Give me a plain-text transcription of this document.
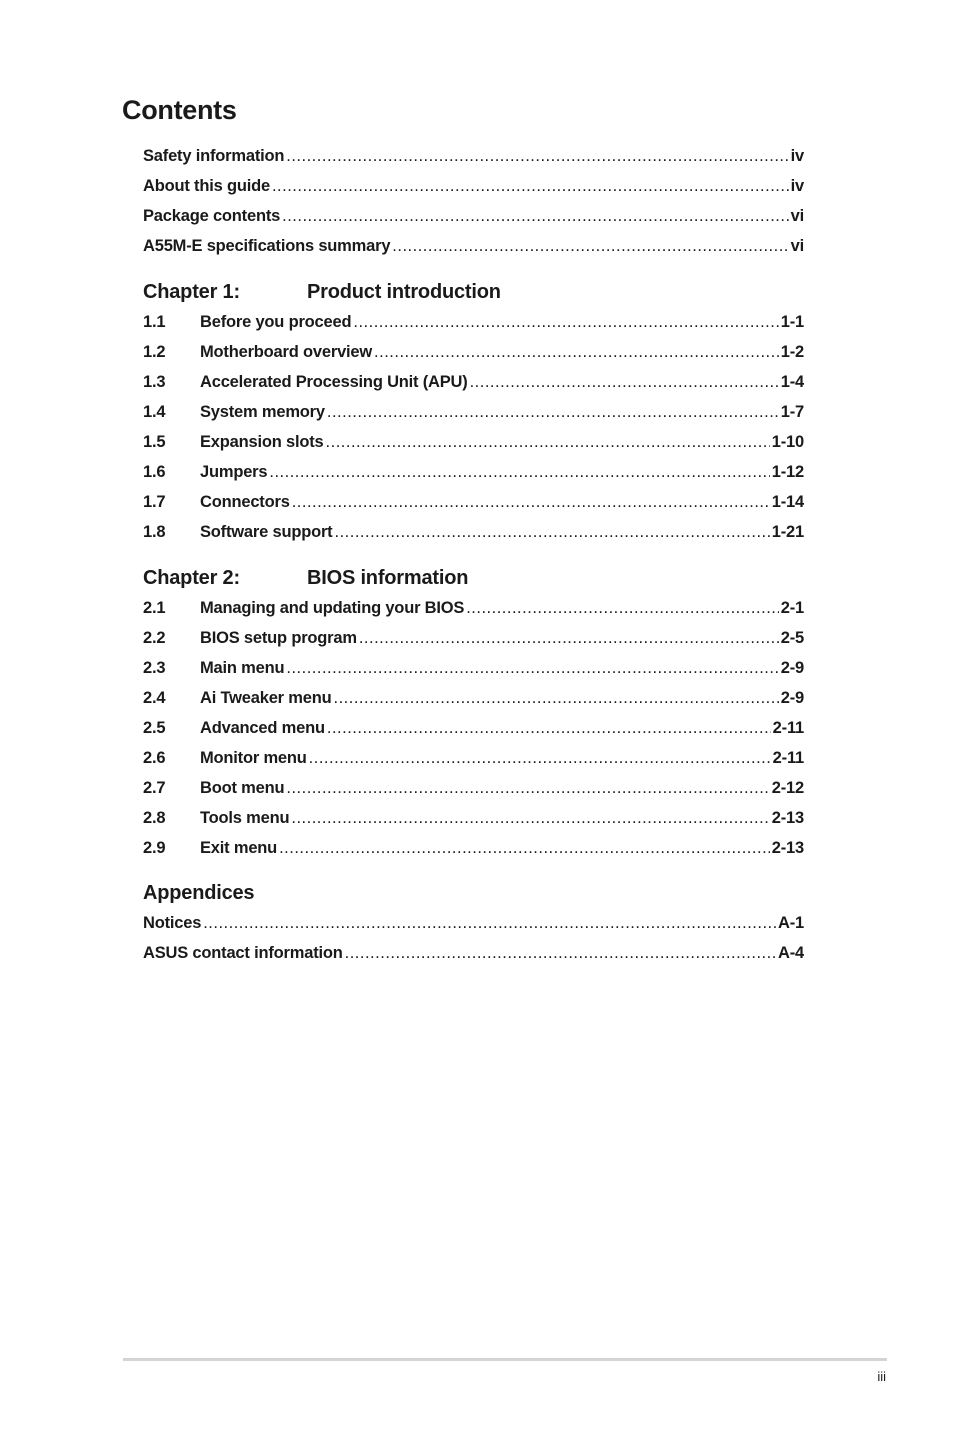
Contents
Safety information .....	iv
About this guide .....	iv
Package contents .....	vi
A55M-E specifications summary .....	vi
Chapter 1:	Product introduction
1.1	Before you proceed .....	1-1
1.2	Motherboard overview .....	1-2
1.3	Accelerated Processing Unit (APU) .....	1-4
1.4	System memory .....	1-7
1.5	Expansion slots .....	1-10
1.6	Jumpers .....	1-12
1.7	Connectors .....	1-14
1.8	Software support .....	1-21
Chapter 2:	BIOS information
2.1	Managing and updating your BIOS .....	2-1
2.2	BIOS setup program .....	2-5
2.3	Main menu .....	2-9
2.4	Ai Tweaker menu .....	2-9
2.5	Advanced menu .....	2-11
2.6	Monitor menu .....	2-11
2.7	Boot menu .....	2-12
2.8	Tools menu .....	2-13
2.9	Exit menu .....	2-13
Appendices
Notices .....	A-1
ASUS contact information .....	A-4
iii
